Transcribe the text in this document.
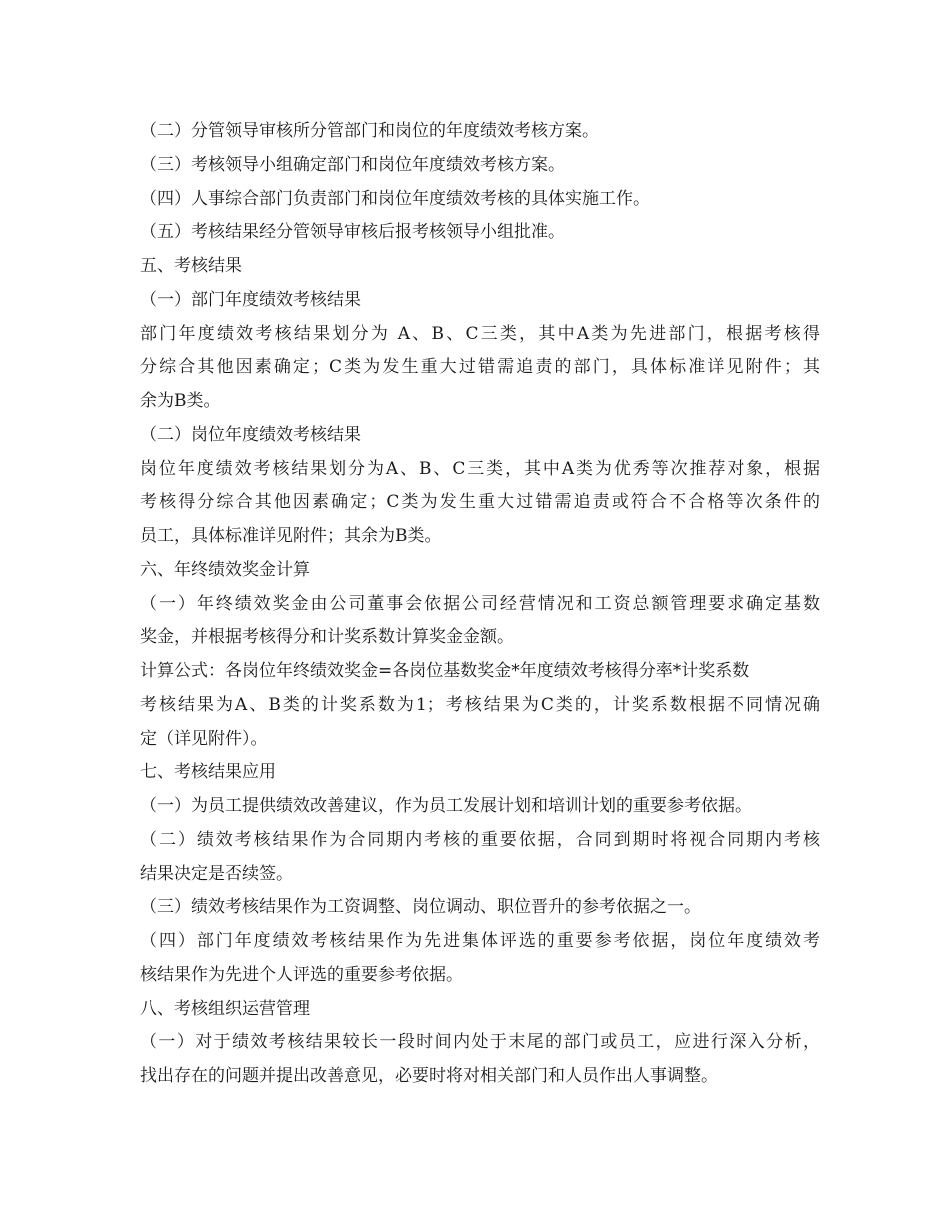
（二）分管领导审核所分管部门和岗位的年度绩效考核方案。
（三）考核领导小组确定部门和岗位年度绩效考核方案。
（四）人事综合部门负责部门和岗位年度绩效考核的具体实施工作。
（五）考核结果经分管领导审核后报考核领导小组批准。
五、考核结果
（一）部门年度绩效考核结果
部门年度绩效考核结果划分为 A、B、C三类，其中A类为先进部门，根据考核得
分综合其他因素确定；C类为发生重大过错需追责的部门，具体标准详见附件；其
余为B类。
（二）岗位年度绩效考核结果
岗位年度绩效考核结果划分为A、B、C三类，其中A类为优秀等次推荐对象，根据
考核得分综合其他因素确定；C类为发生重大过错需追责或符合不合格等次条件的
员工，具体标准详见附件；其余为B类。
六、年终绩效奖金计算
（一）年终绩效奖金由公司董事会依据公司经营情况和工资总额管理要求确定基数
奖金，并根据考核得分和计奖系数计算奖金金额。
计算公式：各岗位年终绩效奖金=各岗位基数奖金*年度绩效考核得分率*计奖系数
考核结果为A、B类的计奖系数为1；考核结果为C类的，计奖系数根据不同情况确
定（详见附件）。
七、考核结果应用
（一）为员工提供绩效改善建议，作为员工发展计划和培训计划的重要参考依据。
（二）绩效考核结果作为合同期内考核的重要依据，合同到期时将视合同期内考核
结果决定是否续签。
（三）绩效考核结果作为工资调整、岗位调动、职位晋升的参考依据之一。
（四）部门年度绩效考核结果作为先进集体评选的重要参考依据，岗位年度绩效考
核结果作为先进个人评选的重要参考依据。
八、考核组织运营管理
（一）对于绩效考核结果较长一段时间内处于末尾的部门或员工，应进行深入分析，
找出存在的问题并提出改善意见，必要时将对相关部门和人员作出人事调整。
